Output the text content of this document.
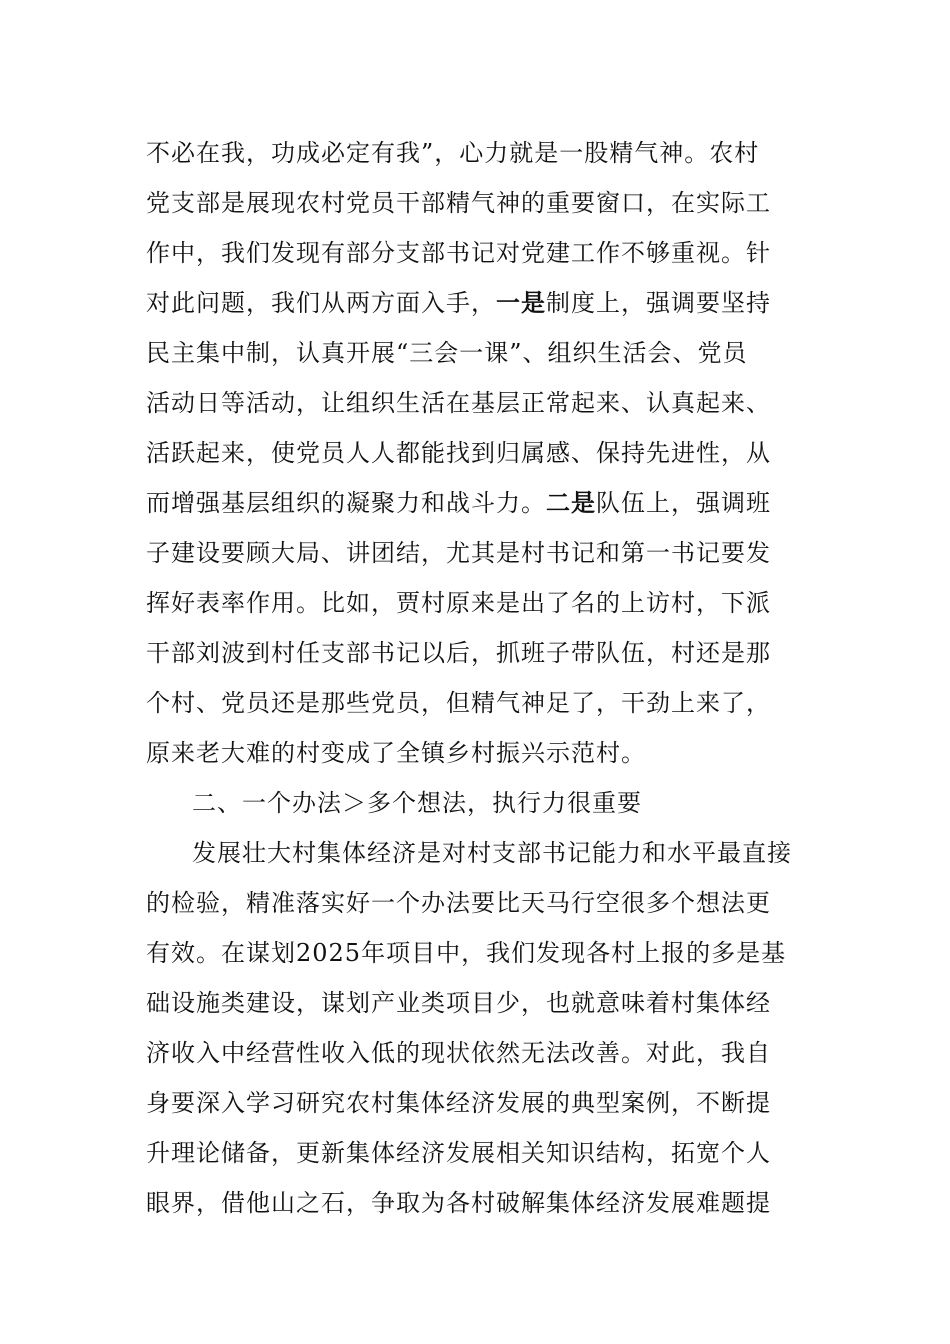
不必在我，功成必定有我”，心力就是一股精气神。农村
党支部是展现农村党员干部精气神的重要窗口，在实际工
作中，我们发现有部分支部书记对党建工作不够重视。针
对此问题，我们从两方面入手，一是制度上，强调要坚持
民主集中制，认真开展“三会一课”、组织生活会、党员
活动日等活动，让组织生活在基层正常起来、认真起来、
活跃起来，使党员人人都能找到归属感、保持先进性，从
而增强基层组织的凝聚力和战斗力。二是队伍上，强调班
子建设要顾大局、讲团结，尤其是村书记和第一书记要发
挥好表率作用。比如，贾村原来是出了名的上访村，下派
干部刘波到村任支部书记以后，抓班子带队伍，村还是那
个村、党员还是那些党员，但精气神足了，干劲上来了，
原来老大难的村变成了全镇乡村振兴示范村。
二、一个办法＞多个想法，执行力很重要
发展壮大村集体经济是对村支部书记能力和水平最直接
的检验，精准落实好一个办法要比天马行空很多个想法更
有效。在谋划2025年项目中，我们发现各村上报的多是基
础设施类建设，谋划产业类项目少，也就意味着村集体经
济收入中经营性收入低的现状依然无法改善。对此，我自
身要深入学习研究农村集体经济发展的典型案例，不断提
升理论储备，更新集体经济发展相关知识结构，拓宽个人
眼界，借他山之石，争取为各村破解集体经济发展难题提
